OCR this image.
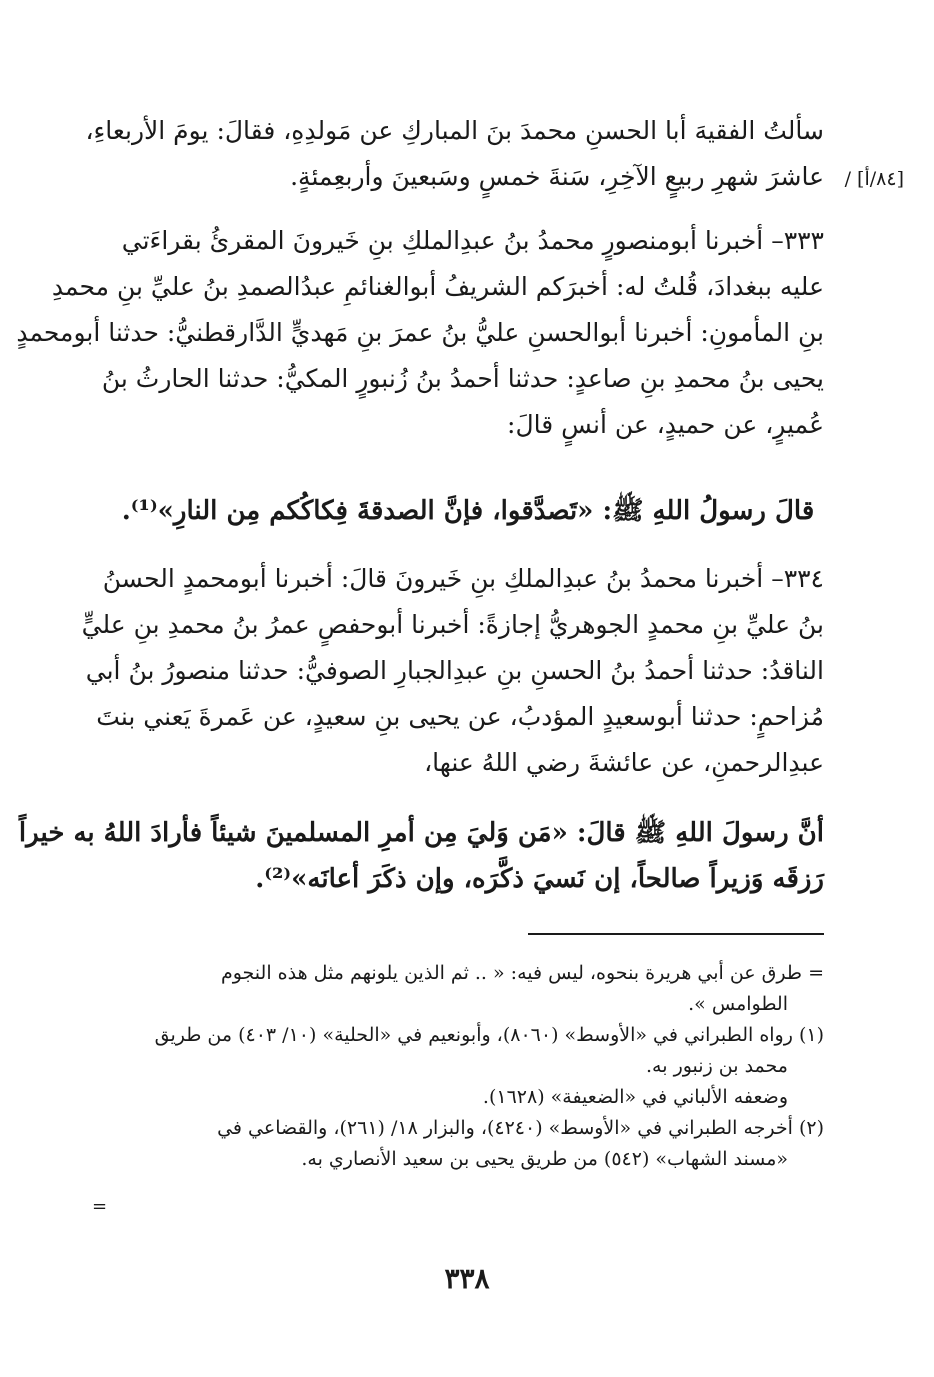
سألتُ الفقيهَ أبا الحسنِ محمدَ بنَ المباركِ عن مَولدِهِ، فقالَ: يومَ الأربعاءِ،
عاشرَ شهرِ ربيعٍ الآخِرِ، سَنةَ خمسٍ وسَبعينَ وأربعِمئةٍ.	[٨٤/أ] /
٣٣٣– أخبرنا أبومنصورٍ محمدُ بنُ عبدِالملكِ بنِ خَيرونَ المقرئُ بقراءَتي
عليه ببغدادَ، قُلتُ له: أخبرَكم الشريفُ أبوالغنائمِ عبدُالصمدِ بنُ عليِّ بنِ محمدِ
بنِ المأمونِ: أخبرنا أبوالحسنِ عليُّ بنُ عمرَ بنِ مَهديٍّ الدَّارقطنيُّ: حدثنا أبومحمدٍ
يحيى بنُ محمدِ بنِ صاعدٍ: حدثنا أحمدُ بنُ زُنبورٍ المكيُّ: حدثنا الحارثُ بنُ
عُميرٍ، عن حميدٍ، عن أنسٍ قالَ:
قالَ رسولُ اللهِ ﷺ: «تَصدَّقوا، فإنَّ الصدقةَ فِكاكُكم مِن النارِ»⁽¹⁾.
٣٣٤– أخبرنا محمدُ بنُ عبدِالملكِ بنِ خَيرونَ قالَ: أخبرنا أبومحمدٍ الحسنُ
بنُ عليِّ بنِ محمدٍ الجوهريُّ إجازةً: أخبرنا أبوحفصٍ عمرُ بنُ محمدِ بنِ عليٍّ
الناقدُ: حدثنا أحمدُ بنُ الحسنِ بنِ عبدِالجبارِ الصوفيُّ: حدثنا منصورُ بنُ أبي
مُزاحمٍ: حدثنا أبوسعيدٍ المؤدبُ، عن يحيى بنِ سعيدٍ، عن عَمرةَ يَعني بنتَ
عبدِالرحمنِ، عن عائشةَ رضي اللهُ عنها،
أنَّ رسولَ اللهِ ﷺ قالَ: «مَن وَليَ مِن أمرِ المسلمينَ شيئاً فأرادَ اللهُ به خيراً
رَزقَه وَزيراً صالحاً، إن نَسيَ ذكَّرَه، وإن ذكَرَ أعانَه»⁽²⁾.
= طرق عن أبي هريرة بنحوه، ليس فيه: « .. ثم الذين يلونهم مثل هذه النجوم
الطوامس ».
(١) رواه الطبراني في «الأوسط» (٨٠٦٠)، وأبونعيم في «الحلية» (١٠/ ٤٠٣) من طريق
محمد بن زنبور به.
وضعفه الألباني في «الضعيفة» (١٦٢٨).
(٢) أخرجه الطبراني في «الأوسط» (٤٢٤٠)، والبزار ١٨/ (٢٦١)، والقضاعي في
«مسند الشهاب» (٥٤٢) من طريق يحيى بن سعيد الأنصاري به.
=
٣٣٨
